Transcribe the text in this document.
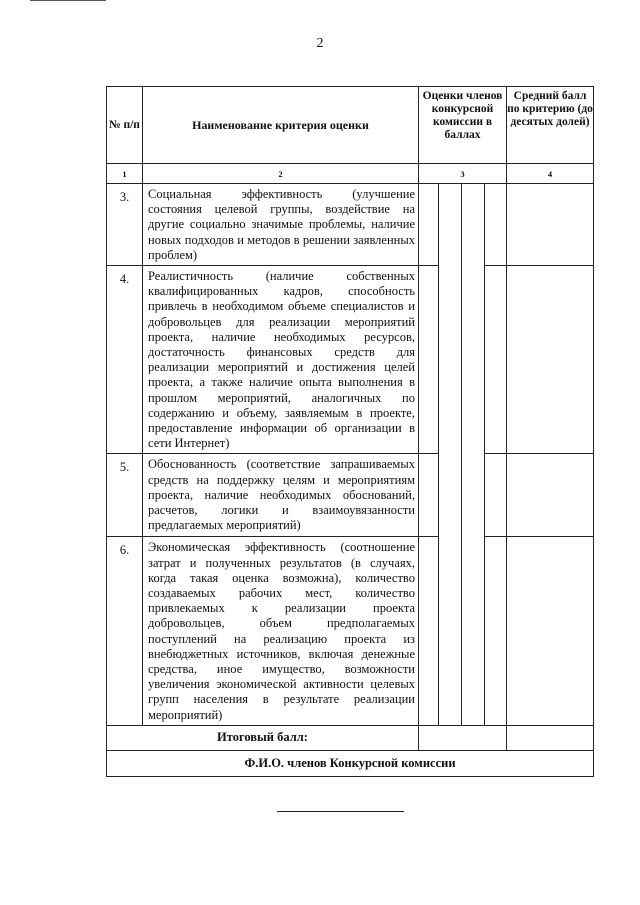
2
№ п/п	Наименование критерия оценки	Оценки членов конкурсной комиссии в баллах				Средний балл по критерию (до десятых долей)
1	2	3				4
3.	Социальная эффективность (улучшение состояния целевой группы, воздействие на другие социально значимые проблемы, наличие новых подходов и методов в решении заявленных проблем)					
4.	Реалистичность (наличие собственных квалифицированных кадров, способность привлечь в необходимом объеме специалистов и добровольцев для реализации мероприятий проекта, наличие необходимых ресурсов, достаточность финансовых средств для реализации мероприятий и достижения целей проекта, а также наличие опыта выполнения в прошлом мероприятий, аналогичных по содержанию и объему, заявляемым в проекте, предоставление информации об организации в сети Интернет)					
5.	Обоснованность (соответствие запрашиваемых средств на поддержку целям и мероприятиям проекта, наличие необходимых обоснований, расчетов, логики и взаимоувязанности предлагаемых мероприятий)					
6.	Экономическая эффективность (соотношение затрат и полученных результатов (в случаях, когда такая оценка возможна), количество создаваемых рабочих мест, количество привлекаемых к реализации проекта добровольцев, объем предполагаемых поступлений на реализацию проекта из внебюджетных источников, включая денежные средства, иное имущество, возможности увеличения экономической активности целевых групп населения в результате реализации мероприятий)					
Итоговый балл:						
Ф.И.О. членов Конкурсной комиссии						
